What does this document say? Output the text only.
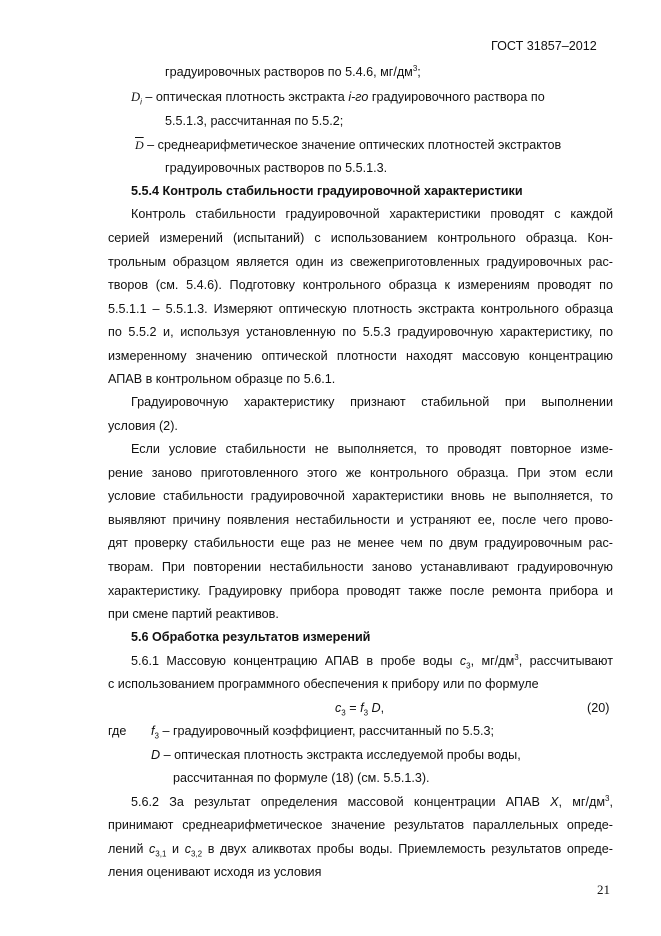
ГОСТ 31857–2012
градуировочных растворов по 5.4.6, $мг/дм^3$;
$D_i$ – оптическая плотность экстракта i-го градуировочного раствора по
5.5.1.3, рассчитанная по 5.5.2;
$\overline{D}$ – среднеарифметическое значение оптических плотностей экстрактов
градуировочных растворов по 5.5.1.3.
5.5.4 Контроль стабильности градуировочной характеристики
Контроль стабильности градуировочной характеристики проводят с каждой
серией измерений (испытаний) с использованием контрольного образца. Кон-
трольным образцом является один из свежеприготовленных градуировочных рас-
творов (см. 5.4.6). Подготовку контрольного образца к измерениям проводят по
5.5.1.1 – 5.5.1.3. Измеряют оптическую плотность экстракта контрольного образца
по 5.5.2 и, используя установленную по 5.5.3 градуировочную характеристику, по
измеренному значению оптической плотности находят массовую концентрацию
АПАВ в контрольном образце по 5.6.1.
Градуировочную характеристику признают стабильной при выполнении
условия (2).
Если условие стабильности не выполняется, то проводят повторное изме-
рение заново приготовленного этого же контрольного образца. При этом если
условие стабильности градуировочной характеристики вновь не выполняется, то
выявляют причину появления нестабильности и устраняют ее, после чего прово-
дят проверку стабильности еще раз не менее чем по двум градуировочным рас-
творам. При повторении нестабильности заново устанавливают градуировочную
характеристику. Градуировку прибора проводят также после ремонта прибора и
при смене партий реактивов.
5.6 Обработка результатов измерений
5.6.1 Массовую концентрацию АПАВ в пробе воды $c_3$, $мг/дм^3$, рассчитывают
с использованием программного обеспечения к прибору или по формуле
$c_3 = f_3$ D,	(20)
где $f_3$ – градуировочный коэффициент, рассчитанный по 5.5.3;
D – оптическая плотность экстракта исследуемой пробы воды,
рассчитанная по формуле (18) (см. 5.5.1.3).
5.6.2 За результат определения массовой концентрации АПАВ X, $мг/дм^3$,
принимают среднеарифметическое значение результатов параллельных опреде-
лений $c_{3,1}$ и $c_{3,2}$ в двух аликвотах пробы воды. Приемлемость результатов опреде-
ления оценивают исходя из условия
21
